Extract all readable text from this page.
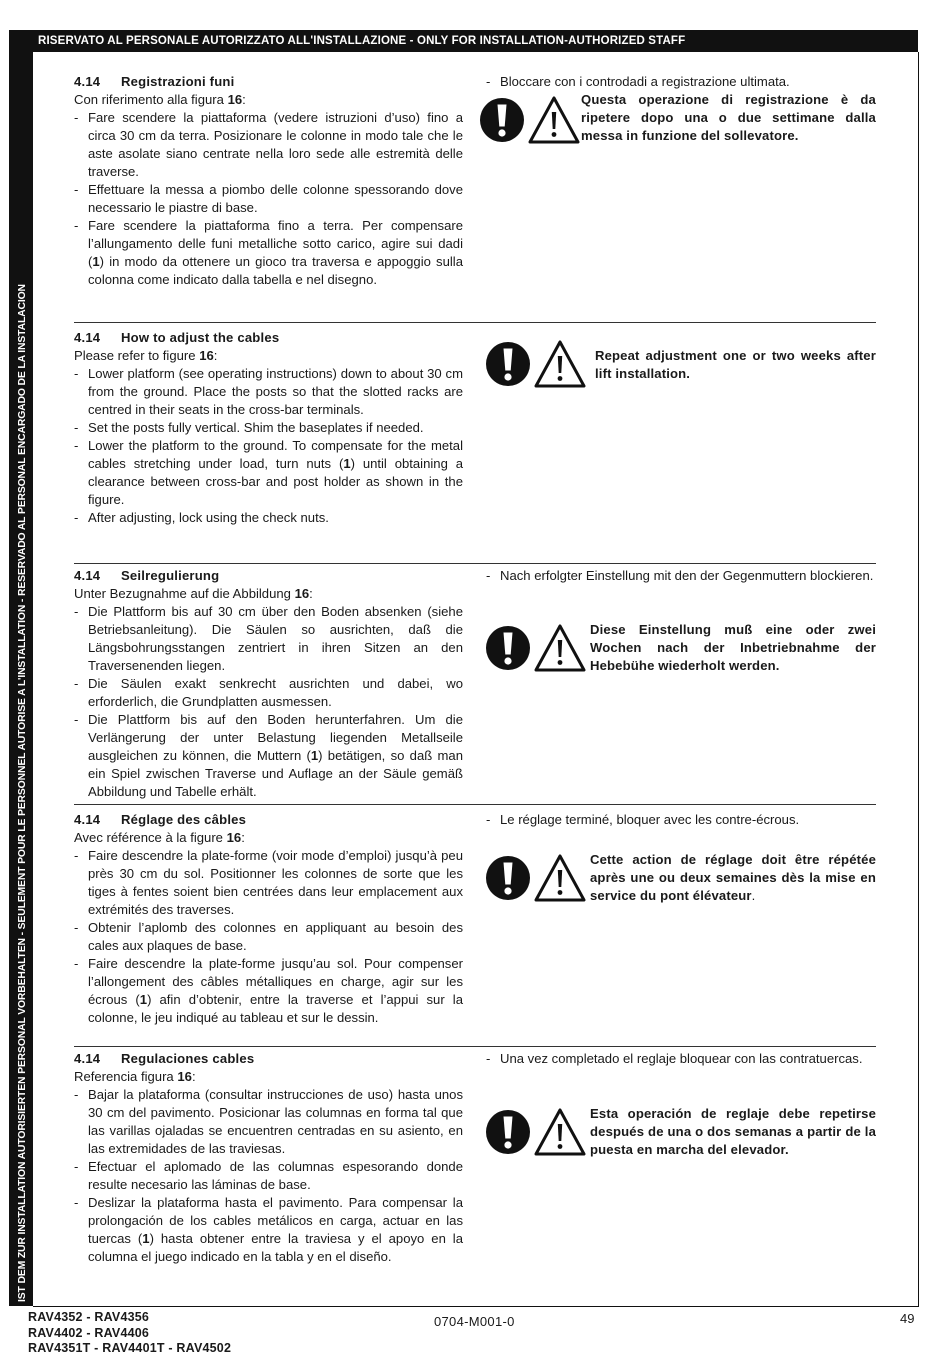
RISERVATO AL PERSONALE AUTORIZZATO ALL'INSTALLAZIONE - ONLY FOR INSTALLATION-AUTHORIZED STAFF
IST DEM ZUR INSTALLATION AUTORISIERTEN PERSONAL VORBEHALTEN - SEULEMENT POUR LE PERSONNEL AUTORISE A L'INSTALLATION - RESERVADO AL PERSONAL ENCARGADO DE LA INSTALACION
4.14 Registrazioni funi
Con riferimento alla figura 16:
- Fare scendere la piattaforma (vedere istruzioni d’uso) fino a circa 30 cm da terra. Posizionare le colonne in modo tale che le aste asolate siano centrate nella loro sede alle estremità delle traverse.
- Effettuare la messa a piombo delle colonne spessorando dove necessario le piastre di base.
- Fare scendere la piattaforma fino a terra. Per compensare l’allungamento delle funi metalliche sotto carico, agire sui dadi (1) in modo da ottenere un gioco tra traversa e appoggio sulla colonna come indicato dalla tabella e nel disegno.
- Bloccare con i controdadi a registrazione ultimata.
Questa operazione di registrazione è da ripetere dopo una o due settimane dalla messa in funzione del sollevatore.
4.14 How to adjust the cables
Please refer to figure 16:
- Lower platform (see operating instructions) down to about 30 cm from the ground. Place the posts so that the slotted racks are centred in their seats in the cross-bar terminals.
- Set the posts fully vertical. Shim the baseplates if needed.
- Lower the platform to the ground. To compensate for the metal cables stretching under load, turn nuts (1) until obtaining a clearance between cross-bar and post holder as shown in the figure.
- After adjusting, lock using the check nuts.
Repeat adjustment one or two weeks after lift installation.
4.14 Seilregulierung
Unter Bezugnahme auf die Abbildung 16:
- Die Plattform bis auf 30 cm über den Boden absenken (siehe Betriebsanleitung). Die Säulen so ausrichten, daß die Längsbohrungsstangen zentriert in ihren Sitzen an den Traversenenden liegen.
- Die Säulen exakt senkrecht ausrichten und dabei, wo erforderlich, die Grundplatten ausmessen.
- Die Plattform bis auf den Boden herunterfahren. Um die Verlängerung der unter Belastung liegenden Metallseile ausgleichen zu können, die Muttern (1) betätigen, so daß man ein Spiel zwischen Traverse und Auflage an der Säule gemäß Abbildung und Tabelle erhält.
- Nach erfolgter Einstellung mit den der Gegenmuttern blockieren.
Diese Einstellung muß eine oder zwei Wochen nach der Inbetriebnahme der Hebebühe wiederholt werden.
4.14 Réglage des câbles
Avec référence à la figure 16:
- Faire descendre la plate-forme (voir mode d’emploi) jusqu’à peu près 30 cm du sol. Positionner les colonnes de sorte que les tiges à fentes soient bien centrées dans leur emplacement aux extrémités des traverses.
- Obtenir l’aplomb des colonnes en appliquant au besoin des cales aux plaques de base.
- Faire descendre la plate-forme jusqu’au sol. Pour compenser l’allongement des câbles métalliques en charge, agir sur les écrous (1) afin d’obtenir, entre la traverse et l’appui sur la colonne, le jeu indiqué au tableau et sur le dessin.
- Le réglage terminé, bloquer avec les contre-écrous.
Cette action de réglage doit être répétée après une ou deux semaines dès la mise en service du pont élévateur.
4.14 Regulaciones cables
Referencia figura 16:
- Bajar la plataforma (consultar instrucciones de uso) hasta unos 30 cm del pavimento. Posicionar las columnas en forma tal que las varillas ojaladas se encuentren centradas en su asiento, en las extremidades de las traviesas.
- Efectuar el aplomado de las columnas espesorando donde resulte necesario las láminas de base.
- Deslizar la plataforma hasta el pavimento. Para compensar la prolongación de los cables metálicos en carga, actuar en las tuercas (1) hasta obtener entre la traviesa y el apoyo en la columna el juego indicado en la tabla y en el diseño.
- Una vez completado el reglaje bloquear con las contratuercas.
Esta operación de reglaje debe repetirse después de una o dos semanas a partir de la puesta en marcha del elevador.
RAV4352 - RAV4356
RAV4402 - RAV4406
RAV4351T - RAV4401T - RAV4502
0704-M001-0	49
